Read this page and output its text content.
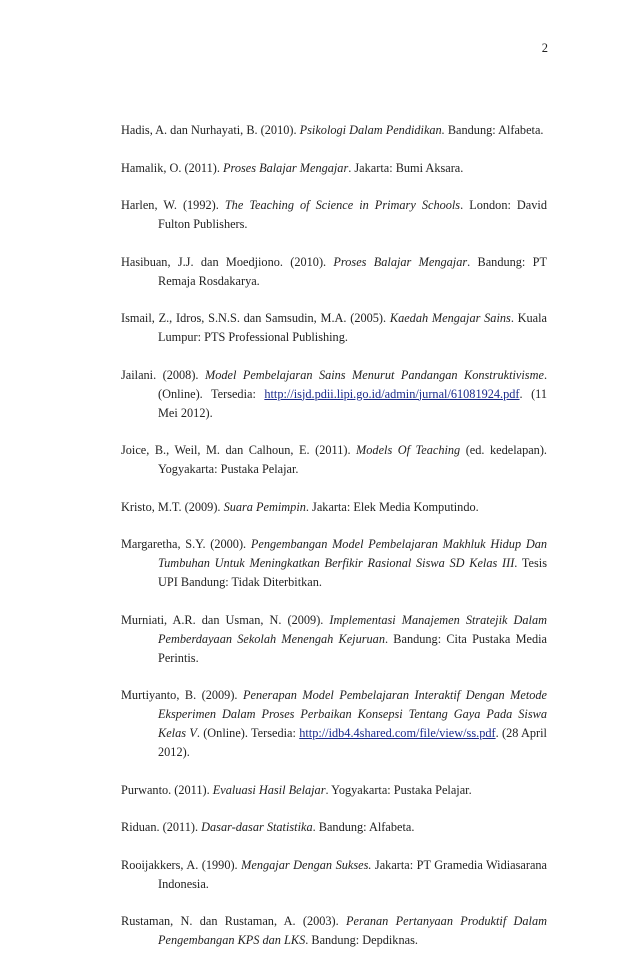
2

Hadis, A. dan Nurhayati, B. (2010). Psikologi Dalam Pendidikan. Bandung: Alfabeta.

Hamalik, O. (2011). Proses Balajar Mengajar. Jakarta: Bumi Aksara.

Harlen, W. (1992). The Teaching of Science in Primary Schools. London: David Fulton Publishers.

Hasibuan, J.J. dan Moedjiono. (2010). Proses Balajar Mengajar. Bandung: PT Remaja Rosdakarya.

Ismail, Z., Idros, S.N.S. dan Samsudin, M.A. (2005). Kaedah Mengajar Sains. Kuala Lumpur: PTS Professional Publishing.

Jailani. (2008). Model Pembelajaran Sains Menurut Pandangan Konstruktivisme. (Online). Tersedia: http://isjd.pdii.lipi.go.id/admin/jurnal/61081924.pdf. (11 Mei 2012).

Joice, B., Weil, M. dan Calhoun, E. (2011). Models Of Teaching (ed. kedelapan). Yogyakarta: Pustaka Pelajar.

Kristo, M.T. (2009). Suara Pemimpin. Jakarta: Elek Media Komputindo.

Margaretha, S.Y. (2000). Pengembangan Model Pembelajaran Makhluk Hidup Dan Tumbuhan Untuk Meningkatkan Berfikir Rasional Siswa SD Kelas III. Tesis UPI Bandung: Tidak Diterbitkan.

Murniati, A.R. dan Usman, N. (2009). Implementasi Manajemen Stratejik Dalam Pemberdayaan Sekolah Menengah Kejuruan. Bandung: Cita Pustaka Media Perintis.

Murtiyanto, B. (2009). Penerapan Model Pembelajaran Interaktif Dengan Metode Eksperimen Dalam Proses Perbaikan Konsepsi Tentang Gaya Pada Siswa Kelas V. (Online). Tersedia: http://idb4.4shared.com/file/view/ss.pdf. (28 April 2012).

Purwanto. (2011). Evaluasi Hasil Belajar. Yogyakarta: Pustaka Pelajar.

Riduan. (2011). Dasar-dasar Statistika. Bandung: Alfabeta.

Rooijakkers, A. (1990). Mengajar Dengan Sukses. Jakarta: PT Gramedia Widiasarana Indonesia.

Rustaman, N. dan Rustaman, A. (2003). Peranan Pertanyaan Produktif Dalam Pengembangan KPS dan LKS. Bandung: Depdiknas.
